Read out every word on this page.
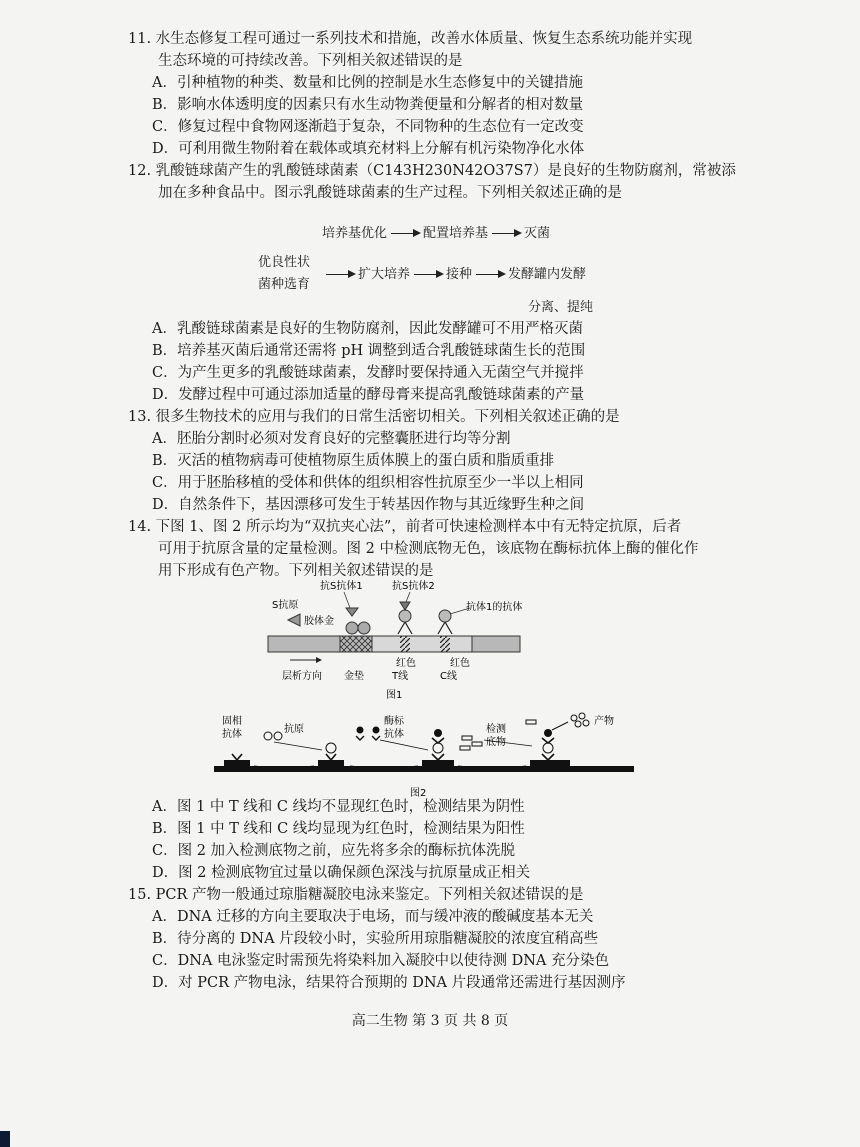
11. 水生态修复工程可通过一系列技术和措施，改善水体质量、恢复生态系统功能并实现
生态环境的可持续改善。下列相关叙述错误的是
A．引种植物的种类、数量和比例的控制是水生态修复中的关键措施
B．影响水体透明度的因素只有水生动物粪便量和分解者的相对数量
C．修复过程中食物网逐渐趋于复杂，不同物种的生态位有一定改变
D．可利用微生物附着在载体或填充材料上分解有机污染物净化水体
12. 乳酸链球菌产生的乳酸链球菌素（C143H230N42O37S7）是良好的生物防腐剂，常被添
加在多种食品中。图示乳酸链球菌素的生产过程。下列相关叙述正确的是
培养基优化	配置培养基	灭菌
优良性状
菌种选育
扩大培养	接种	发酵罐内发酵
分离、提纯
A．乳酸链球菌素是良好的生物防腐剂，因此发酵罐可不用严格灭菌
B．培养基灭菌后通常还需将 pH 调整到适合乳酸链球菌生长的范围
C．为产生更多的乳酸链球菌素，发酵时要保持通入无菌空气并搅拌
D．发酵过程中可通过添加适量的酵母膏来提高乳酸链球菌素的产量
13. 很多生物技术的应用与我们的日常生活密切相关。下列相关叙述正确的是
A．胚胎分割时必须对发育良好的完整囊胚进行均等分割
B．灭活的植物病毒可使植物原生质体膜上的蛋白质和脂质重排
C．用于胚胎移植的受体和供体的组织相容性抗原至少一半以上相同
D．自然条件下，基因漂移可发生于转基因作物与其近缘野生种之间
14. 下图 1、图 2 所示均为“双抗夹心法”，前者可快速检测样本中有无特定抗原，后者
可用于抗原含量的定量检测。图 2 中检测底物无色，该底物在酶标抗体上酶的催化作
用下形成有色产物。下列相关叙述错误的是
抗S抗体1	抗S抗体2
S抗原
胶体金
抗体1的抗体
红色
T线
红色
C线
层析方向 金垫
图1
固相
抗体	抗原
酶标
抗体	检测
底物
产物
图2
A．图 1 中 T 线和 C 线均不显现红色时，检测结果为阴性
B．图 1 中 T 线和 C 线均显现为红色时，检测结果为阳性
C．图 2 加入检测底物之前，应先将多余的酶标抗体洗脱
D．图 2 检测底物宜过量以确保颜色深浅与抗原量成正相关
15. PCR 产物一般通过琼脂糖凝胶电泳来鉴定。下列相关叙述错误的是
A．DNA 迁移的方向主要取决于电场，而与缓冲液的酸碱度基本无关
B．待分离的 DNA 片段较小时，实验所用琼脂糖凝胶的浓度宜稍高些
C．DNA 电泳鉴定时需预先将染料加入凝胶中以使待测 DNA 充分染色
D．对 PCR 产物电泳，结果符合预期的 DNA 片段通常还需进行基因测序
高二生物 第 3 页 共 8 页
